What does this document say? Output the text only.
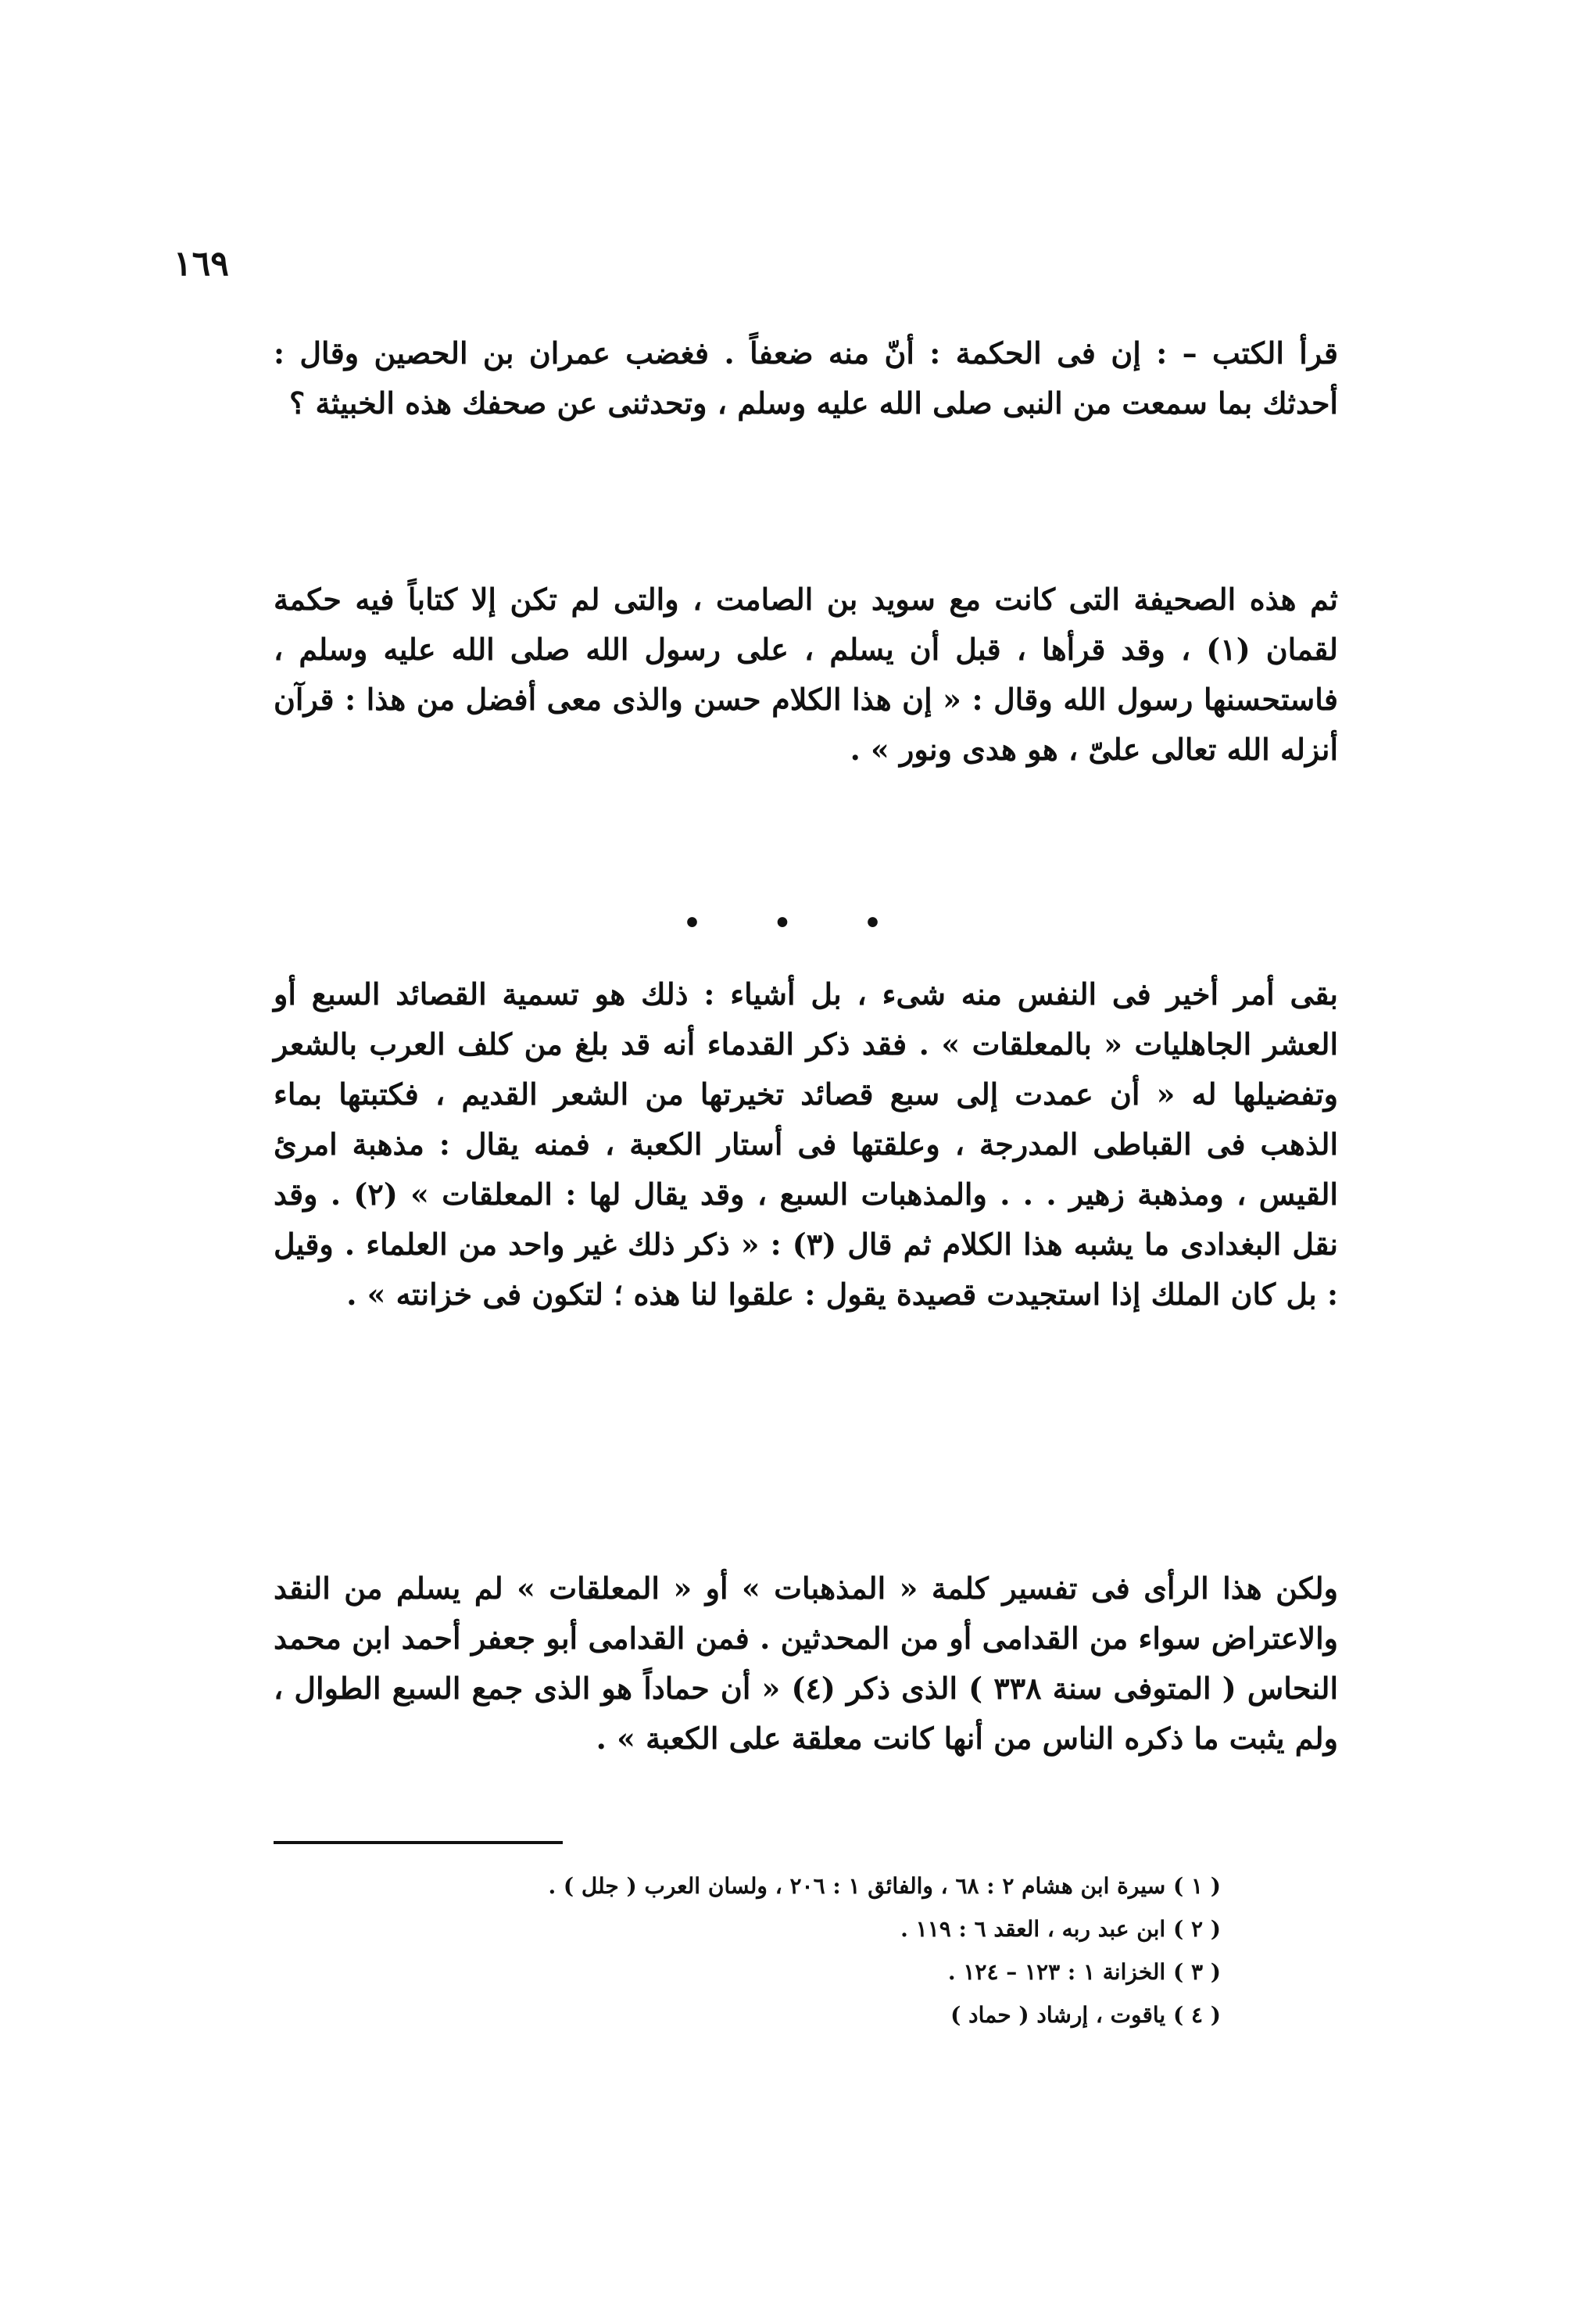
١٦٩

قرأ الكتب – : إن فى الحكمة : أنّ منه ضعفاً . فغضب عمران بن الحصين وقال : أحدثك بما سمعت من النبى صلى الله عليه وسلم ، وتحدثنى عن صحفك هذه الخبيثة ؟

ثم هذه الصحيفة التى كانت مع سويد بن الصامت ، والتى لم تكن إلا كتاباً فيه حكمة لقمان (١) ، وقد قرأها ، قبل أن يسلم ، على رسول الله صلى الله عليه وسلم ، فاستحسنها رسول الله وقال : « إن هذا الكلام حسن والذى معى أفضل من هذا : قرآن أنزله الله تعالى علىّ ، هو هدى ونور » .

• • •

بقى أمر أخير فى النفس منه شىء ، بل أشياء : ذلك هو تسمية القصائد السبع أو العشر الجاهليات « بالمعلقات » . فقد ذكر القدماء أنه قد بلغ من كلف العرب بالشعر وتفضيلها له « أن عمدت إلى سبع قصائد تخيرتها من الشعر القديم ، فكتبتها بماء الذهب فى القباطى المدرجة ، وعلقتها فى أستار الكعبة ، فمنه يقال : مذهبة امرئ القيس ، ومذهبة زهير . . . والمذهبات السبع ، وقد يقال لها : المعلقات » (٢) . وقد نقل البغدادى ما يشبه هذا الكلام ثم قال (٣) : « ذكر ذلك غير واحد من العلماء . وقيل : بل كان الملك إذا استجيدت قصيدة يقول : علقوا لنا هذه ؛ لتكون فى خزانته » .

ولكن هذا الرأى فى تفسير كلمة « المذهبات » أو « المعلقات » لم يسلم من النقد والاعتراض سواء من القدامى أو من المحدثين . فمن القدامى أبو جعفر أحمد ابن محمد النحاس ( المتوفى سنة ٣٣٨ ) الذى ذكر (٤) « أن حماداً هو الذى جمع السبع الطوال ، ولم يثبت ما ذكره الناس من أنها كانت معلقة على الكعبة » .

( ١ ) سيرة ابن هشام ٢ : ٦٨ ، والفائق ١ : ٢٠٦ ، ولسان العرب ( جلل ) .
( ٢ ) ابن عبد ربه ، العقد ٦ : ١١٩ .
( ٣ ) الخزانة ١ : ١٢٣ – ١٢٤ .
( ٤ ) ياقوت ، إرشاد ( حماد )
